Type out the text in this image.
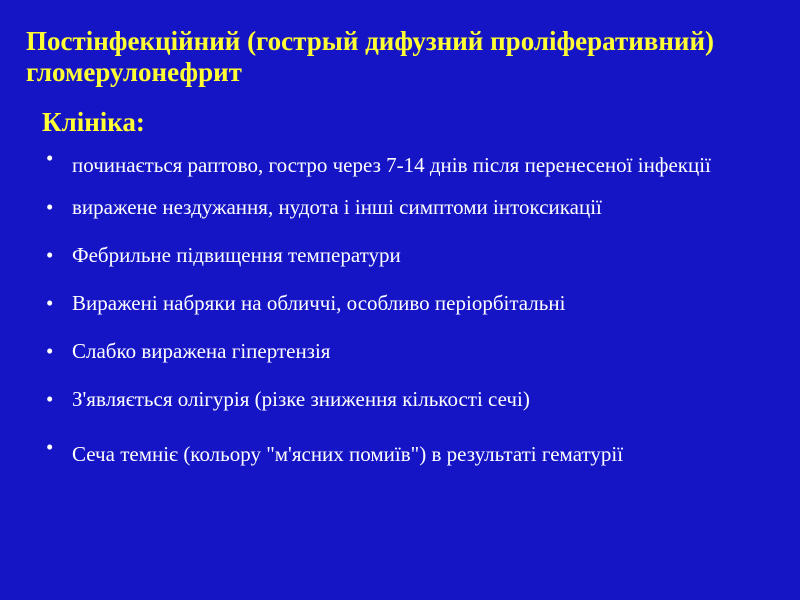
Постінфекційний (гострый дифузний проліферативний) гломерулонефрит
Клініка:
• починається раптово, гостро через 7-14 днів після перенесеної інфекції
• виражене нездужання, нудота і інші симптоми інтоксикації
• Фебрильне підвищення температури
• Виражені набряки на обличчі, особливо періорбітальні
• Слабко виражена гіпертензія
• З'являється олігурія (різке зниження кількості сечі)
• Сеча темніє (кольору "м'ясних помиїв") в результаті гематурії
